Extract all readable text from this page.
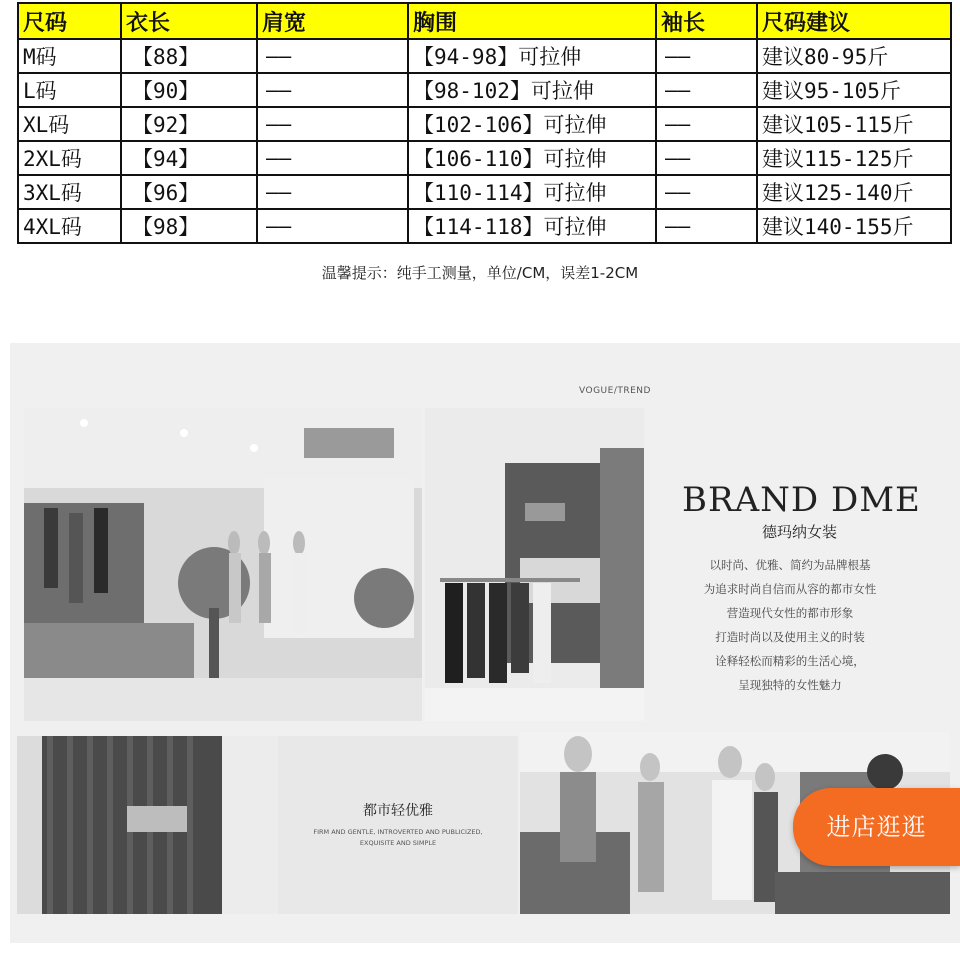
尺码	衣长	肩宽	胸围	袖长	尺码建议
M码	【88】	——	【94-98】可拉伸	——	建议80-95斤
L码	【90】	——	【98-102】可拉伸	——	建议95-105斤
XL码	【92】	——	【102-106】可拉伸	——	建议105-115斤
2XL码	【94】	——	【106-110】可拉伸	——	建议115-125斤
3XL码	【96】	——	【110-114】可拉伸	——	建议125-140斤
4XL码	【98】	——	【114-118】可拉伸	——	建议140-155斤
温馨提示：纯手工测量，单位/CM，误差1-2CM
VOGUE/TREND
BRAND DME
德玛纳女装
以时尚、优雅、简约为品牌根基
为追求时尚自信而从容的都市女性
营造现代女性的都市形象
打造时尚以及使用主义的时装
诠释轻松而精彩的生活心境，
呈现独特的女性魅力
都市轻优雅
FIRM AND GENTLE, INTROVERTED AND PUBLICIZED,
EXQUISITE AND SIMPLE
进店逛逛
